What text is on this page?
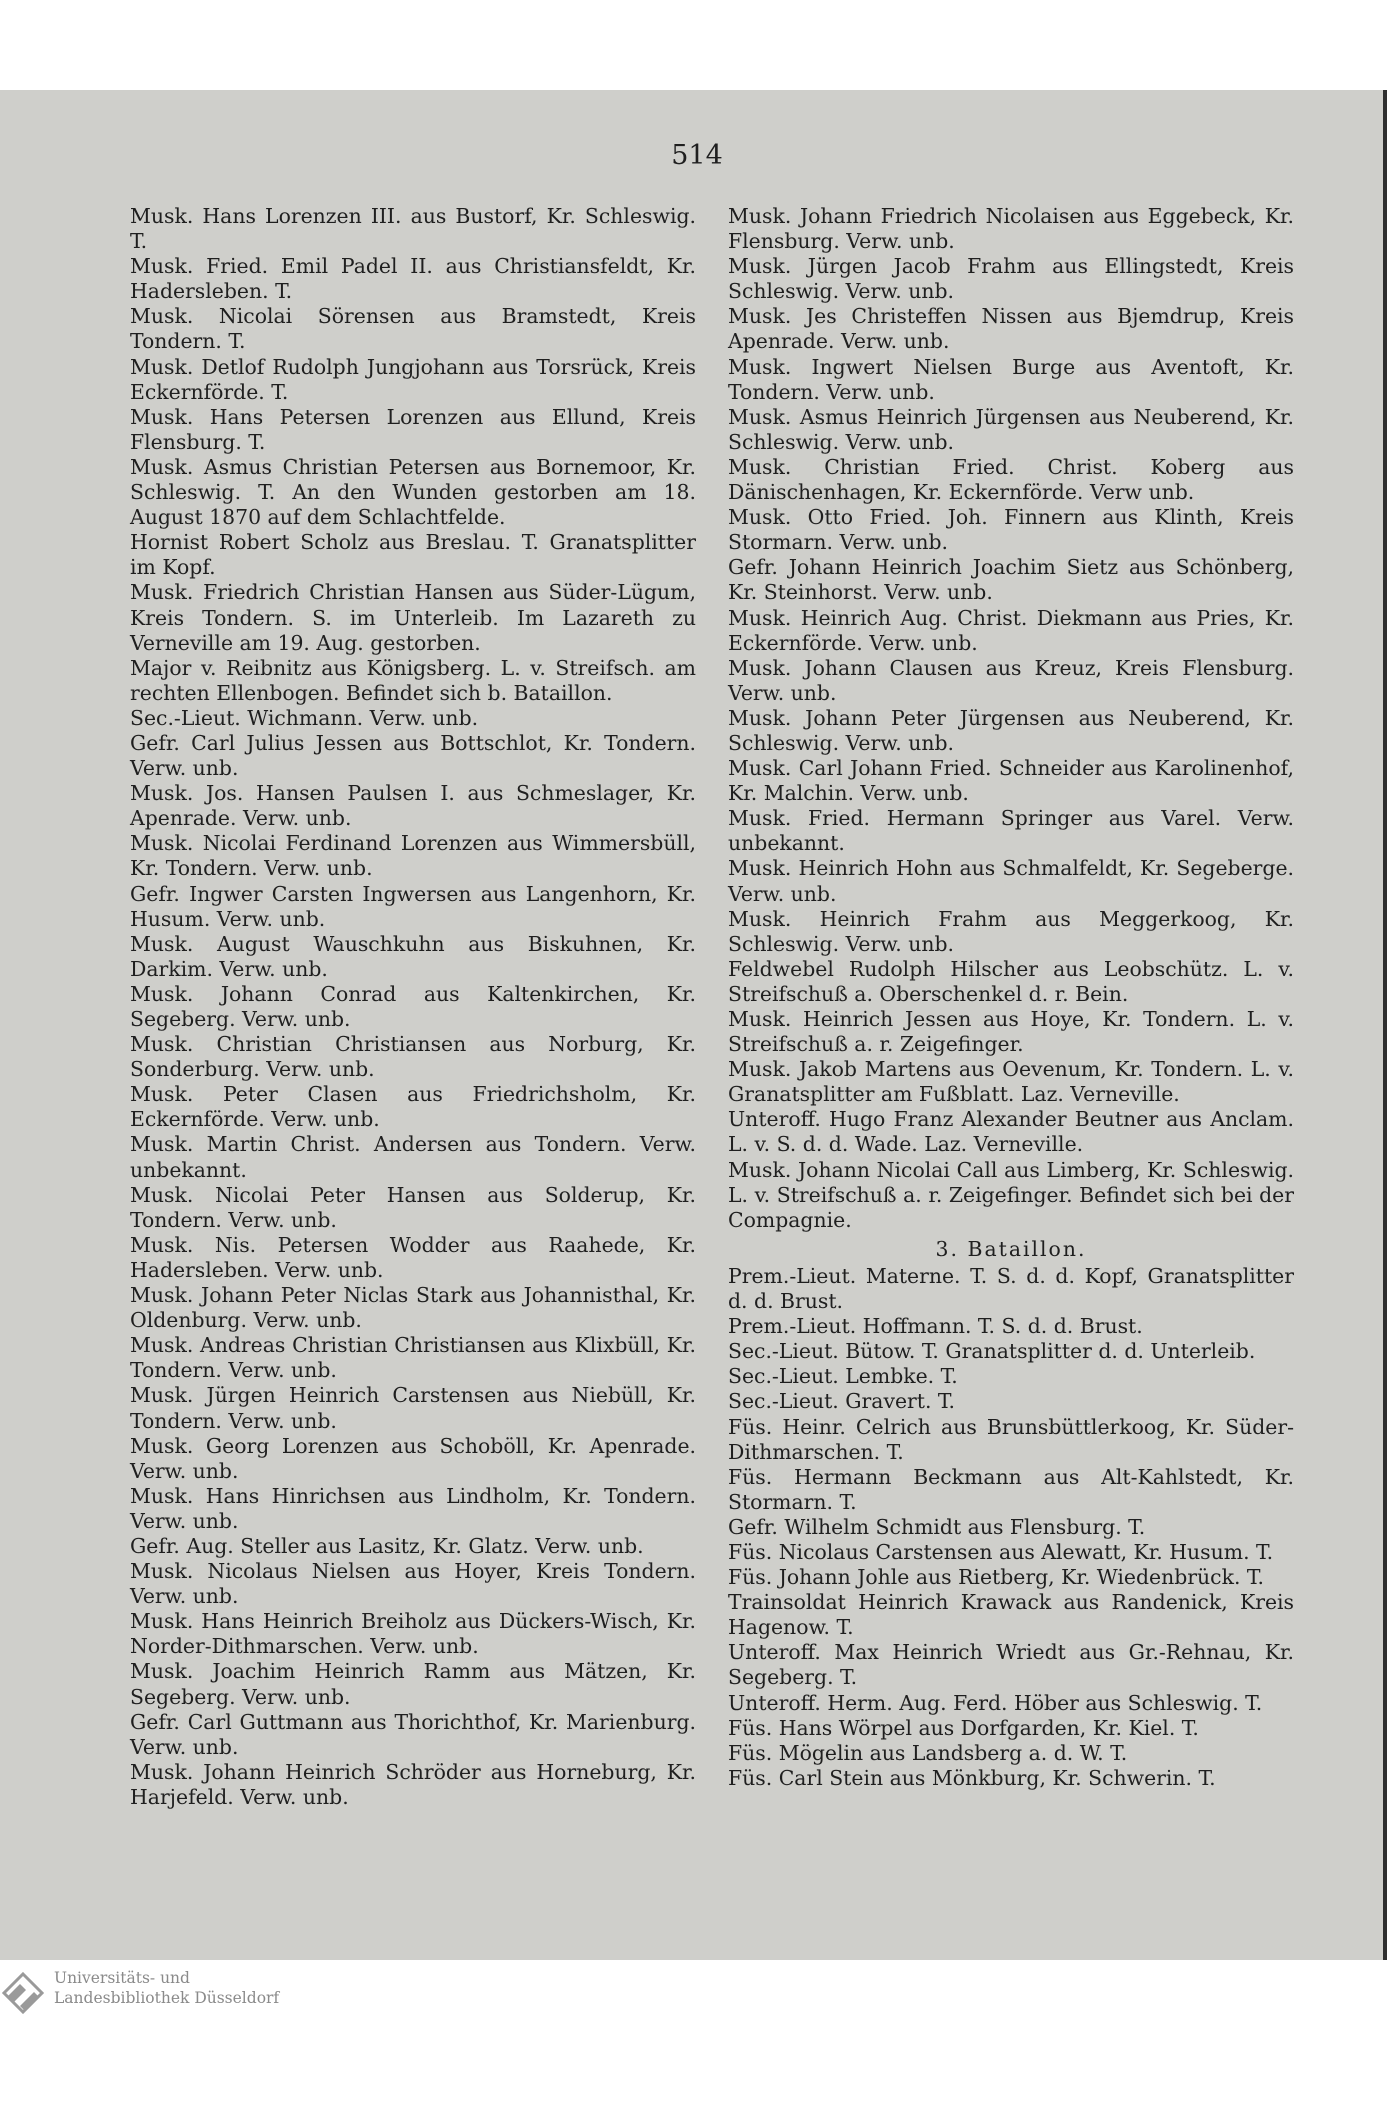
514

Musk. Hans Lorenzen III. aus Bustorf, Kr. Schleswig. T.

Musk. Fried. Emil Padel II. aus Christiansfeldt, Kr. Hadersleben. T.

Musk. Nicolai Sörensen aus Bramstedt, Kreis Tondern. T.

Musk. Detlof Rudolph Jungjohann aus Torsrück, Kreis Eckernförde. T.

Musk. Hans Petersen Lorenzen aus Ellund, Kreis Flensburg. T.

Musk. Asmus Christian Petersen aus Bornemoor, Kr. Schleswig. T. An den Wunden gestorben am 18. August 1870 auf dem Schlachtfelde.

Hornist Robert Scholz aus Breslau. T. Granatsplitter im Kopf.

Musk. Friedrich Christian Hansen aus Süder-Lügum, Kreis Tondern. S. im Unterleib. Im Lazareth zu Verneville am 19. Aug. gestorben.

Major v. Reibnitz aus Königsberg. L. v. Streifsch. am rechten Ellenbogen. Befindet sich b. Bataillon.

Sec.-Lieut. Wichmann. Verw. unb.

Gefr. Carl Julius Jessen aus Bottschlot, Kr. Tondern. Verw. unb.

Musk. Jos. Hansen Paulsen I. aus Schmeslager, Kr. Apenrade. Verw. unb.

Musk. Nicolai Ferdinand Lorenzen aus Wimmersbüll, Kr. Tondern. Verw. unb.

Gefr. Ingwer Carsten Ingwersen aus Langenhorn, Kr. Husum. Verw. unb.

Musk. August Wauschkuhn aus Biskuhnen, Kr. Darkim. Verw. unb.

Musk. Johann Conrad aus Kaltenkirchen, Kr. Segeberg. Verw. unb.

Musk. Christian Christiansen aus Norburg, Kr. Sonderburg. Verw. unb.

Musk. Peter Clasen aus Friedrichsholm, Kr. Eckernförde. Verw. unb.

Musk. Martin Christ. Andersen aus Tondern. Verw. unbekannt.

Musk. Nicolai Peter Hansen aus Solderup, Kr. Tondern. Verw. unb.

Musk. Nis. Petersen Wodder aus Raahede, Kr. Hadersleben. Verw. unb.

Musk. Johann Peter Niclas Stark aus Johannisthal, Kr. Oldenburg. Verw. unb.

Musk. Andreas Christian Christiansen aus Klixbüll, Kr. Tondern. Verw. unb.

Musk. Jürgen Heinrich Carstensen aus Niebüll, Kr. Tondern. Verw. unb.

Musk. Georg Lorenzen aus Schoböll, Kr. Apenrade. Verw. unb.

Musk. Hans Hinrichsen aus Lindholm, Kr. Tondern. Verw. unb.

Gefr. Aug. Steller aus Lasitz, Kr. Glatz. Verw. unb.

Musk. Nicolaus Nielsen aus Hoyer, Kreis Tondern. Verw. unb.

Musk. Hans Heinrich Breiholz aus Dückers-Wisch, Kr. Norder-Dithmarschen. Verw. unb.

Musk. Joachim Heinrich Ramm aus Mätzen, Kr. Segeberg. Verw. unb.

Gefr. Carl Guttmann aus Thorichthof, Kr. Marienburg. Verw. unb.

Musk. Johann Heinrich Schröder aus Horneburg, Kr. Harjefeld. Verw. unb.

Musk. Johann Friedrich Nicolaisen aus Eggebeck, Kr. Flensburg. Verw. unb.

Musk. Jürgen Jacob Frahm aus Ellingstedt, Kreis Schleswig. Verw. unb.

Musk. Jes Christeffen Nissen aus Bjemdrup, Kreis Apenrade. Verw. unb.

Musk. Ingwert Nielsen Burge aus Aventoft, Kr. Tondern. Verw. unb.

Musk. Asmus Heinrich Jürgensen aus Neuberend, Kr. Schleswig. Verw. unb.

Musk. Christian Fried. Christ. Koberg aus Dänischenhagen, Kr. Eckernförde. Verw unb.

Musk. Otto Fried. Joh. Finnern aus Klinth, Kreis Stormarn. Verw. unb.

Gefr. Johann Heinrich Joachim Sietz aus Schönberg, Kr. Steinhorst. Verw. unb.

Musk. Heinrich Aug. Christ. Diekmann aus Pries, Kr. Eckernförde. Verw. unb.

Musk. Johann Clausen aus Kreuz, Kreis Flensburg. Verw. unb.

Musk. Johann Peter Jürgensen aus Neuberend, Kr. Schleswig. Verw. unb.

Musk. Carl Johann Fried. Schneider aus Karolinenhof, Kr. Malchin. Verw. unb.

Musk. Fried. Hermann Springer aus Varel. Verw. unbekannt.

Musk. Heinrich Hohn aus Schmalfeldt, Kr. Segeberge. Verw. unb.

Musk. Heinrich Frahm aus Meggerkoog, Kr. Schleswig. Verw. unb.

Feldwebel Rudolph Hilscher aus Leobschütz. L. v. Streifschuß a. Oberschenkel d. r. Bein.

Musk. Heinrich Jessen aus Hoye, Kr. Tondern. L. v. Streifschuß a. r. Zeigefinger.

Musk. Jakob Martens aus Oevenum, Kr. Tondern. L. v. Granatsplitter am Fußblatt. Laz. Verneville.

Unteroff. Hugo Franz Alexander Beutner aus Anclam. L. v. S. d. d. Wade. Laz. Verneville.

Musk. Johann Nicolai Call aus Limberg, Kr. Schleswig. L. v. Streifschuß a. r. Zeigefinger. Befindet sich bei der Compagnie.

3. Bataillon.

Prem.-Lieut. Materne. T. S. d. d. Kopf, Granatsplitter d. d. Brust.

Prem.-Lieut. Hoffmann. T. S. d. d. Brust.

Sec.-Lieut. Bütow. T. Granatsplitter d. d. Unterleib.

Sec.-Lieut. Lembke. T.

Sec.-Lieut. Gravert. T.

Füs. Heinr. Celrich aus Brunsbüttlerkoog, Kr. Süder-Dithmarschen. T.

Füs. Hermann Beckmann aus Alt-Kahlstedt, Kr. Stormarn. T.

Gefr. Wilhelm Schmidt aus Flensburg. T.

Füs. Nicolaus Carstensen aus Alewatt, Kr. Husum. T.

Füs. Johann Johle aus Rietberg, Kr. Wiedenbrück. T.

Trainsoldat Heinrich Krawack aus Randenick, Kreis Hagenow. T.

Unteroff. Max Heinrich Wriedt aus Gr.-Rehnau, Kr. Segeberg. T.

Unteroff. Herm. Aug. Ferd. Höber aus Schleswig. T.

Füs. Hans Wörpel aus Dorfgarden, Kr. Kiel. T.

Füs. Mögelin aus Landsberg a. d. W. T.

Füs. Carl Stein aus Mönkburg, Kr. Schwerin. T.

Universitäts- und
Landesbibliothek Düsseldorf
